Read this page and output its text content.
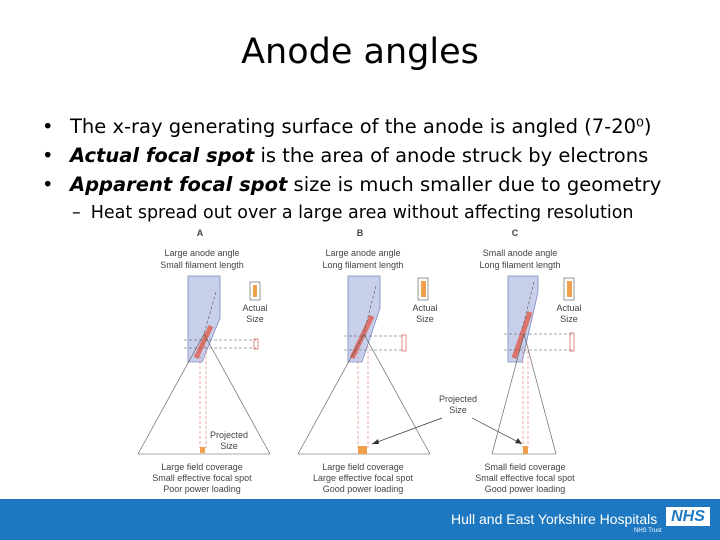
Anode angles
• The x-ray generating surface of the anode is angled (7-20⁰)
• Actual focal spot is the area of anode struck by electrons
• Apparent focal spot size is much smaller due to geometry
– Heat spread out over a large area without affecting resolution
A
Large anode angle
Small filament length
Actual
Size
Projected
Size
Large field coverage
Small effective focal spot
Poor power loading
B
Large anode angle
Long filament length
Actual
Size
Projected
Size
Large field coverage
Large effective focal spot
Good power loading
C
Small anode angle
Long filament length
Actual
Size
Small field coverage
Small effective focal spot
Good power loading
Hull and East Yorkshire Hospitals
NHS Trust
NHS
